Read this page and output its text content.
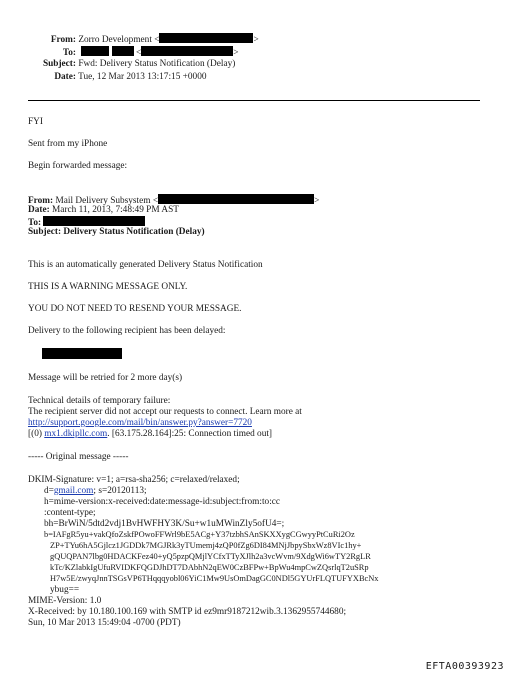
From: Zorro Development <	>
To:	<	>
Subject: Fwd: Delivery Status Notification (Delay)
Date: Tue, 12 Mar 2013 13:17:15 +0000
FYI
Sent from my iPhone
Begin forwarded message:
From: Mail Delivery Subsystem <	>
Date: March 11, 2013, 7:48:49 PM AST
To:
Subject: Delivery Status Notification (Delay)
This is an automatically generated Delivery Status Notification
THIS IS A WARNING MESSAGE ONLY.
YOU DO NOT NEED TO RESEND YOUR MESSAGE.
Delivery to the following recipient has been delayed:
Message will be retried for 2 more day(s)
Technical details of temporary failure:
The recipient server did not accept our requests to connect. Learn more at
http://support.google.com/mail/bin/answer.py?answer=7720
[(0) mx1.dkipllc.com. [63.175.28.164]:25: Connection timed out]
----- Original message -----
DKIM-Signature: v=1; a=rsa-sha256; c=relaxed/relaxed;
d=gmail.com; s=20120113;
h=mime-version:x-received:date:message-id:subject:from:to:cc
:content-type;
bh=BrWiN/5dtd2vdj1BvHWFHY3K/Su+w1uMWinZly5ofU4=;
b=IAFgR5yu+vakQfoZskfPOwoFFWrl9bE5ACg+Y37tzbhSAnSKXXygCGwyyPtCuRi2Oz
ZP+TYu6hA5Gjlcz1JGDDk7MGJRk3yTUmemj4zQP0fZg6DI84MNjJbpySbxWz8VIc1hy+
gQUQPAN7lbg0HDACKFez40+yQ5pzpQMjlYCfxTTyXJlh2a3vcWvm/9XdgWi6wTY2RgLR
kTc/KZlabkIgUfuRVIDKFQGDJhDT7DAbhN2qEW0CzBFPw+BpWu4mpCwZQsrlqT2uSRp
H7w5E/zwyqJnnTSGsVP6THqqqyobl06YiC1Mw9UsOmDagGC0NDl5GYUrFLQTUFYXBcNx
ybug==
MIME-Version: 1.0
X-Received: by 10.180.100.169 with SMTP id ez9mr9187212wib.3.1362955744680;
Sun, 10 Mar 2013 15:49:04 -0700 (PDT)
EFTA00393923
